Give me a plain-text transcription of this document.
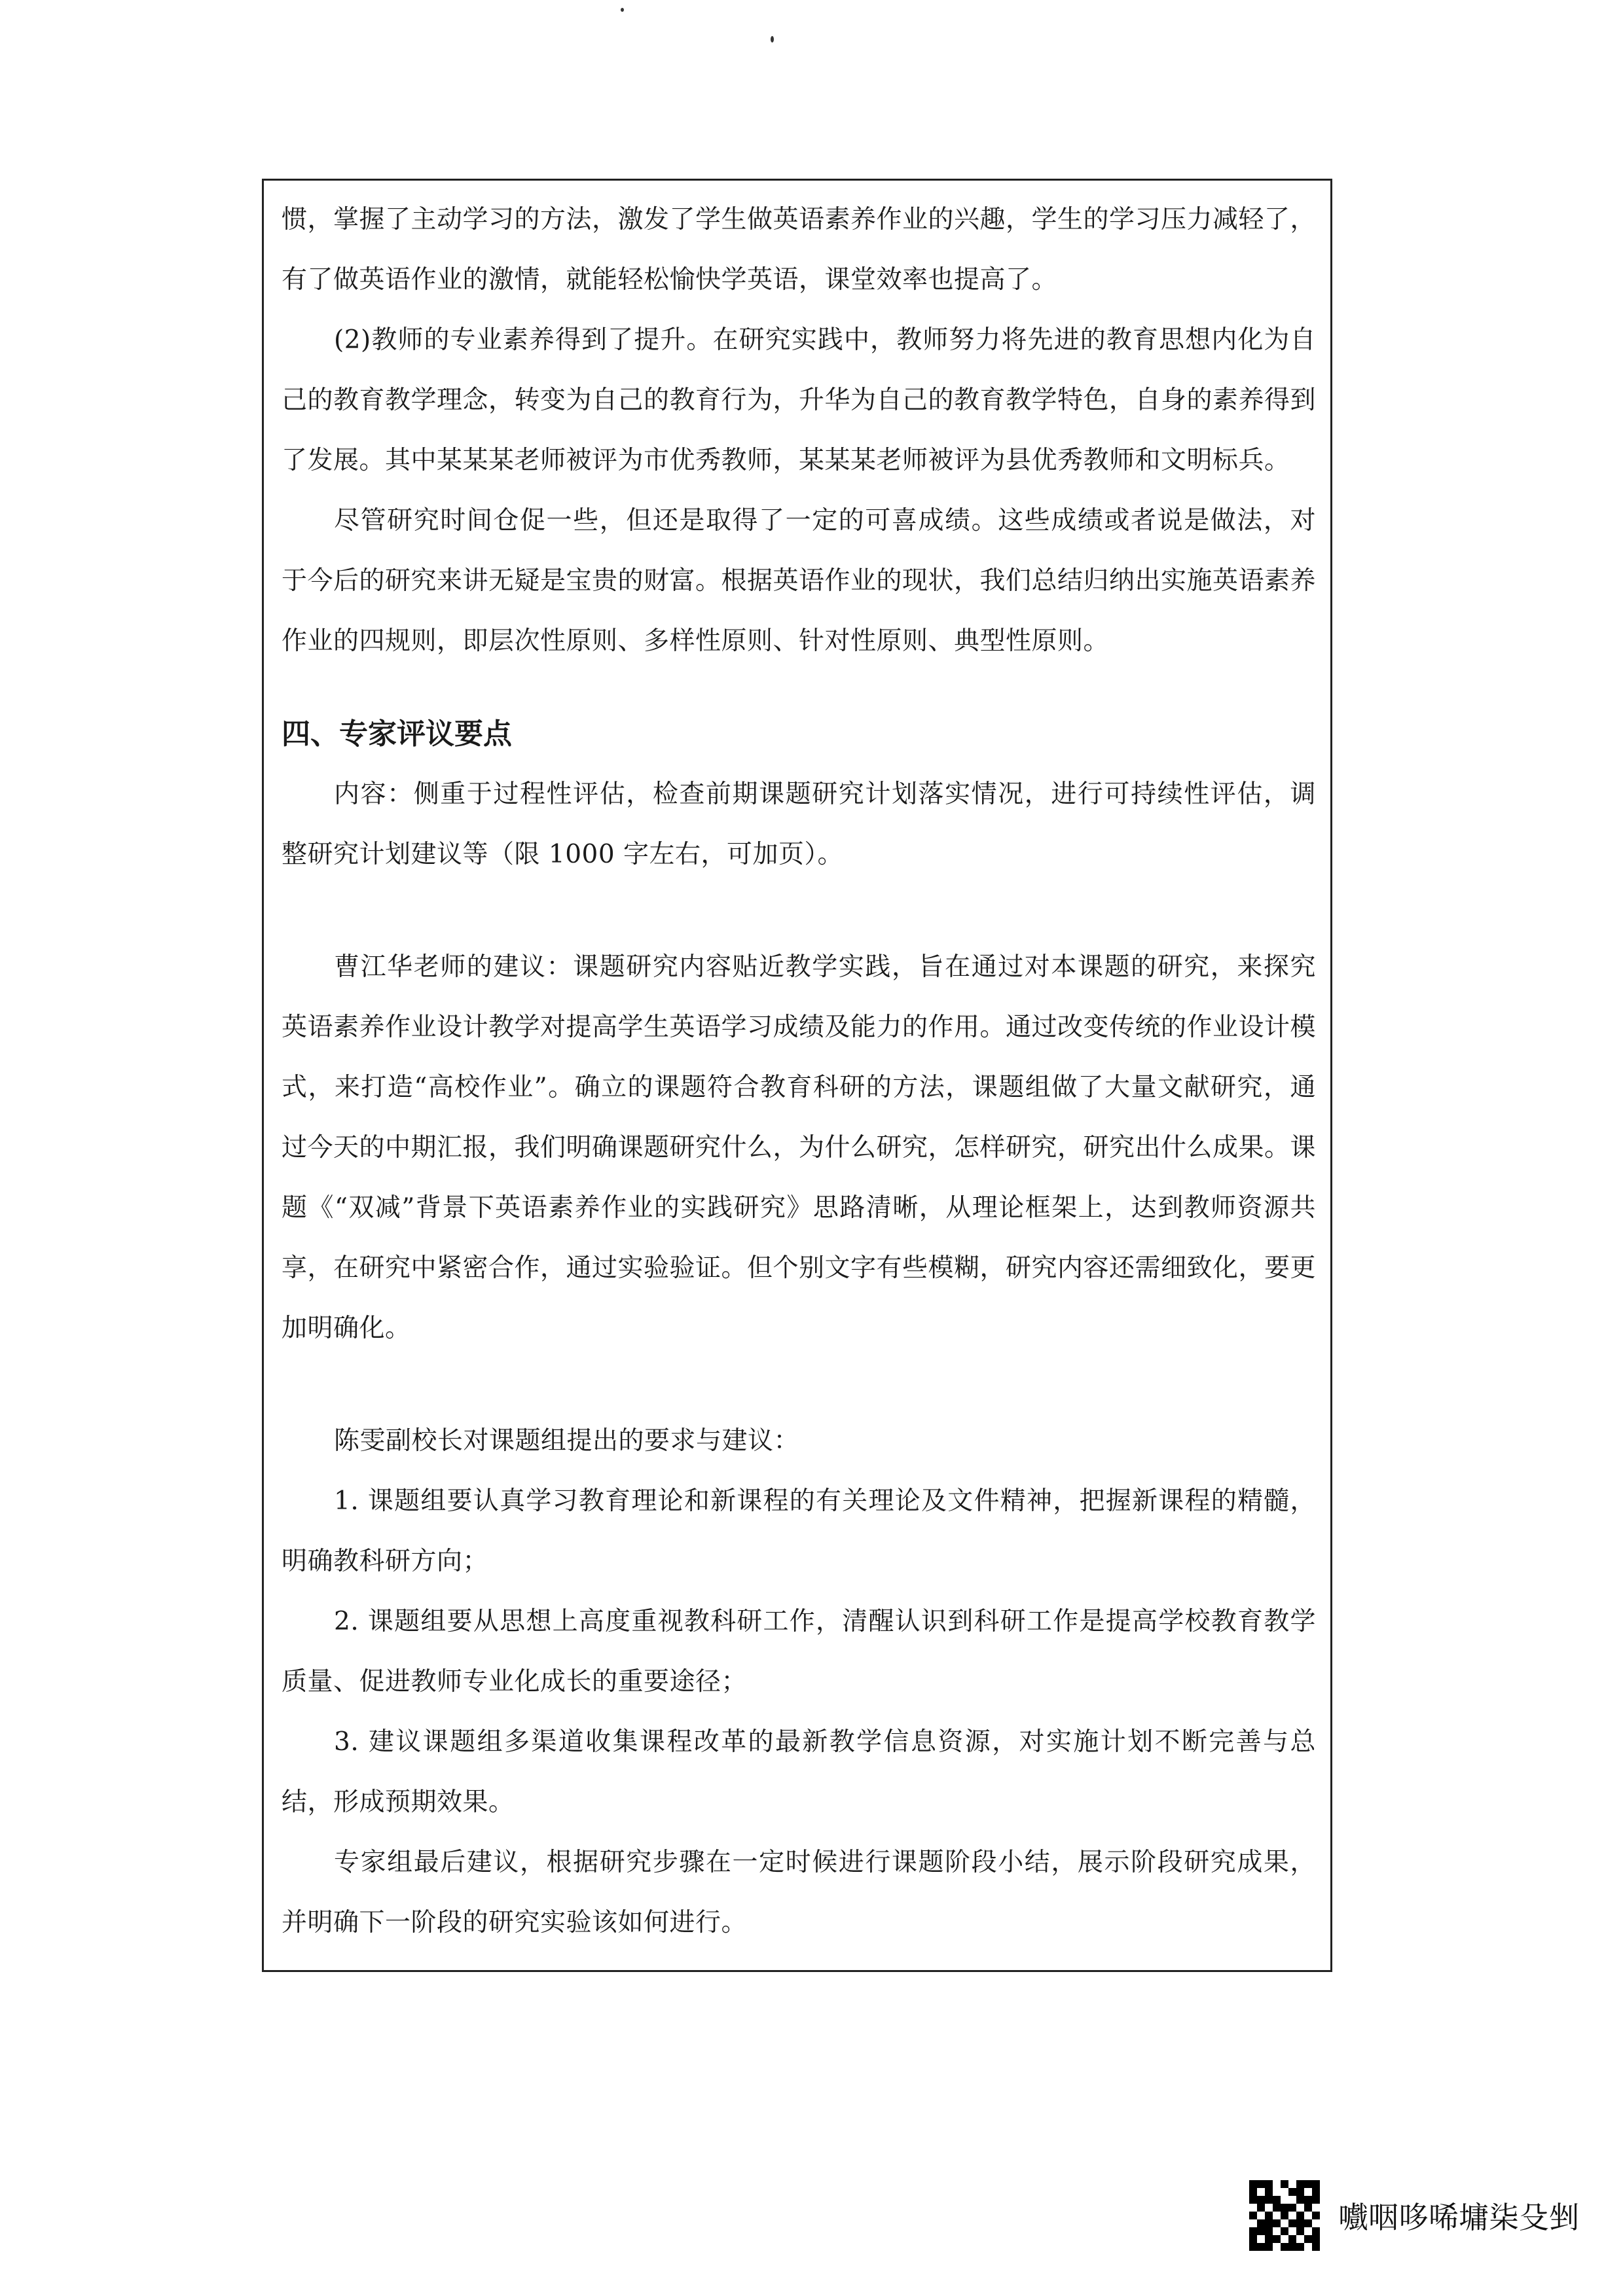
惯，掌握了主动学习的方法，激发了学生做英语素养作业的兴趣，学生的学习压力减轻了，有了做英语作业的激情，就能轻松愉快学英语，课堂效率也提高了。

(2)教师的专业素养得到了提升。在研究实践中，教师努力将先进的教育思想内化为自己的教育教学理念，转变为自己的教育行为，升华为自己的教育教学特色，自身的素养得到了发展。其中某某某老师被评为市优秀教师，某某某老师被评为县优秀教师和文明标兵。

尽管研究时间仓促一些，但还是取得了一定的可喜成绩。这些成绩或者说是做法，对于今后的研究来讲无疑是宝贵的财富。根据英语作业的现状，我们总结归纳出实施英语素养作业的四规则，即层次性原则、多样性原则、针对性原则、典型性原则。

四、专家评议要点

内容：侧重于过程性评估，检查前期课题研究计划落实情况，进行可持续性评估，调整研究计划建议等（限 1000 字左右，可加页）。

曹江华老师的建议：课题研究内容贴近教学实践，旨在通过对本课题的研究，来探究英语素养作业设计教学对提高学生英语学习成绩及能力的作用。通过改变传统的作业设计模式，来打造“高校作业”。确立的课题符合教育科研的方法，课题组做了大量文献研究，通过今天的中期汇报，我们明确课题研究什么，为什么研究，怎样研究，研究出什么成果。课题《“双减”背景下英语素养作业的实践研究》思路清晰，从理论框架上，达到教师资源共享，在研究中紧密合作，通过实验验证。但个别文字有些模糊，研究内容还需细致化，要更加明确化。

陈雯副校长对课题组提出的要求与建议：

1. 课题组要认真学习教育理论和新课程的有关理论及文件精神，把握新课程的精髓，明确教科研方向；

2. 课题组要从思想上高度重视教科研工作，清醒认识到科研工作是提高学校教育教学质量、促进教师专业化成长的重要途径；

3. 建议课题组多渠道收集课程改革的最新教学信息资源，对实施计划不断完善与总结，形成预期效果。

专家组最后建议，根据研究步骤在一定时候进行课题阶段小结，展示阶段研究成果，并明确下一阶段的研究实验该如何进行。

嚱咽哆唏墉柒殳剉
